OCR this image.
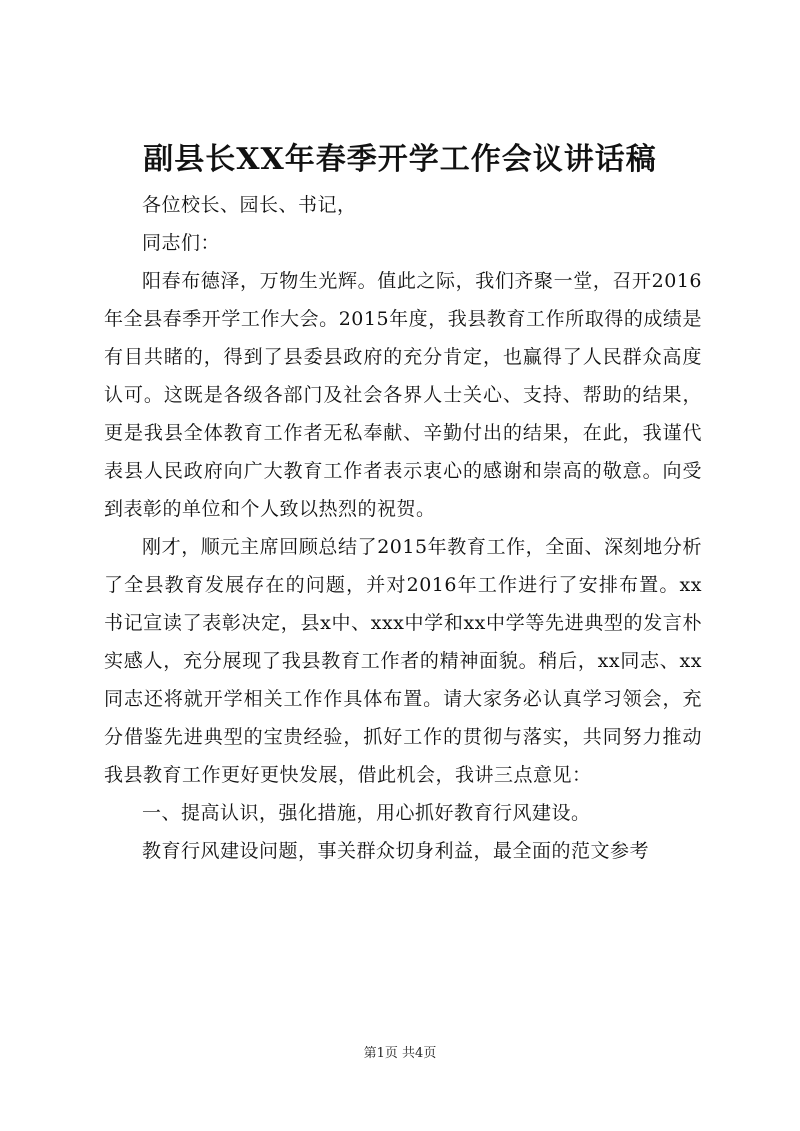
副县长XX年春季开学工作会议讲话稿

各位校长、园长、书记，

同志们：

阳春布德泽，万物生光辉。值此之际，我们齐聚一堂，召开2016年全县春季开学工作大会。2015年度，我县教育工作所取得的成绩是有目共睹的，得到了县委县政府的充分肯定，也赢得了人民群众高度认可。这既是各级各部门及社会各界人士关心、支持、帮助的结果，更是我县全体教育工作者无私奉献、辛勤付出的结果，在此，我谨代表县人民政府向广大教育工作者表示衷心的感谢和崇高的敬意。向受到表彰的单位和个人致以热烈的祝贺。

刚才，顺元主席回顾总结了2015年教育工作，全面、深刻地分析了全县教育发展存在的问题，并对2016年工作进行了安排布置。xx书记宣读了表彰决定，县x中、xxx中学和xx中学等先进典型的发言朴实感人，充分展现了我县教育工作者的精神面貌。稍后，xx同志、xx同志还将就开学相关工作作具体布置。请大家务必认真学习领会，充分借鉴先进典型的宝贵经验，抓好工作的贯彻与落实，共同努力推动我县教育工作更好更快发展，借此机会，我讲三点意见：

一、提高认识，强化措施，用心抓好教育行风建设。

教育行风建设问题，事关群众切身利益，最全面的范文参考

第1页 共4页
